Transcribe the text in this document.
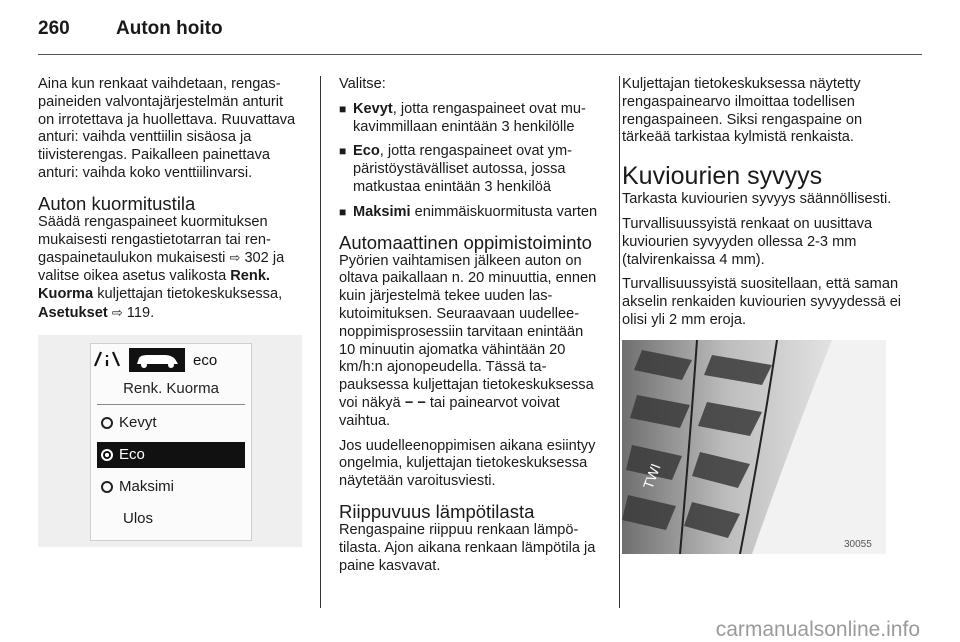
260 Auton hoito

Aina kun renkaat vaihdetaan, rengaspaineiden valvontajärjestelmän anturit on irrotettava ja huollettava. Ruuvattava anturi: vaihda venttiilin sisäosa ja tiivisterengas. Paikalleen painettava anturi: vaihda koko venttiilinvarsi.

Auton kuormitustila

Säädä rengaspaineet kuormituksen mukaisesti rengastietotarran tai rengaspainetaulukon mukaisesti ⇨ 302 ja valitse oikea asetus valikosta Renk. Kuorma kuljettajan tietokeskuksessa, Asetukset ⇨ 119.

eco
Renk. Kuorma
Kevyt
Eco
Maksimi
Ulos

Valitse:

■ Kevyt, jotta rengaspaineet ovat mukavimmillaan enintään 3 henkilölle
■ Eco, jotta rengaspaineet ovat ympäristöystävälliset autossa, jossa matkustaa enintään 3 henkilöä
■ Maksimi enimmäiskuormitusta varten
Automaattinen oppimistoiminto

Pyörien vaihtamisen jälkeen auton on oltava paikallaan n. 20 minuuttia, ennen kuin järjestelmä tekee uuden laskutoimituksen. Seuraavaan uudelleenoppimisprosessiin tarvitaan enintään 10 minuutin ajomatka vähintään 20 km/h:n ajonopeudella. Tässä tapauksessa kuljettajan tietokeskuksessa voi näkyä − − tai painearvot voivat vaihtua.

Jos uudelleenoppimisen aikana esiintyy ongelmia, kuljettajan tietokeskuksessa näytetään varoitusviesti.

Riippuvuus lämpötilasta

Rengaspaine riippuu renkaan lämpötilasta. Ajon aikana renkaan lämpötila ja paine kasvavat.

Kuljettajan tietokeskuksessa näytetty rengaspainearvo ilmoittaa todellisen rengaspaineen. Siksi rengaspaine on tärkeää tarkistaa kylmistä renkaista.

Kuviourien syvyys

Tarkasta kuviourien syvyys säännöllisesti.

Turvallisuussyistä renkaat on uusittava kuviourien syvyyden ollessa 2-3 mm (talvirenkaissa 4 mm).

Turvallisuussyistä suositellaan, että saman akselin renkaiden kuviourien syvyydessä ei olisi yli 2 mm eroja.

TWI
30055
carmanualsonline.info
